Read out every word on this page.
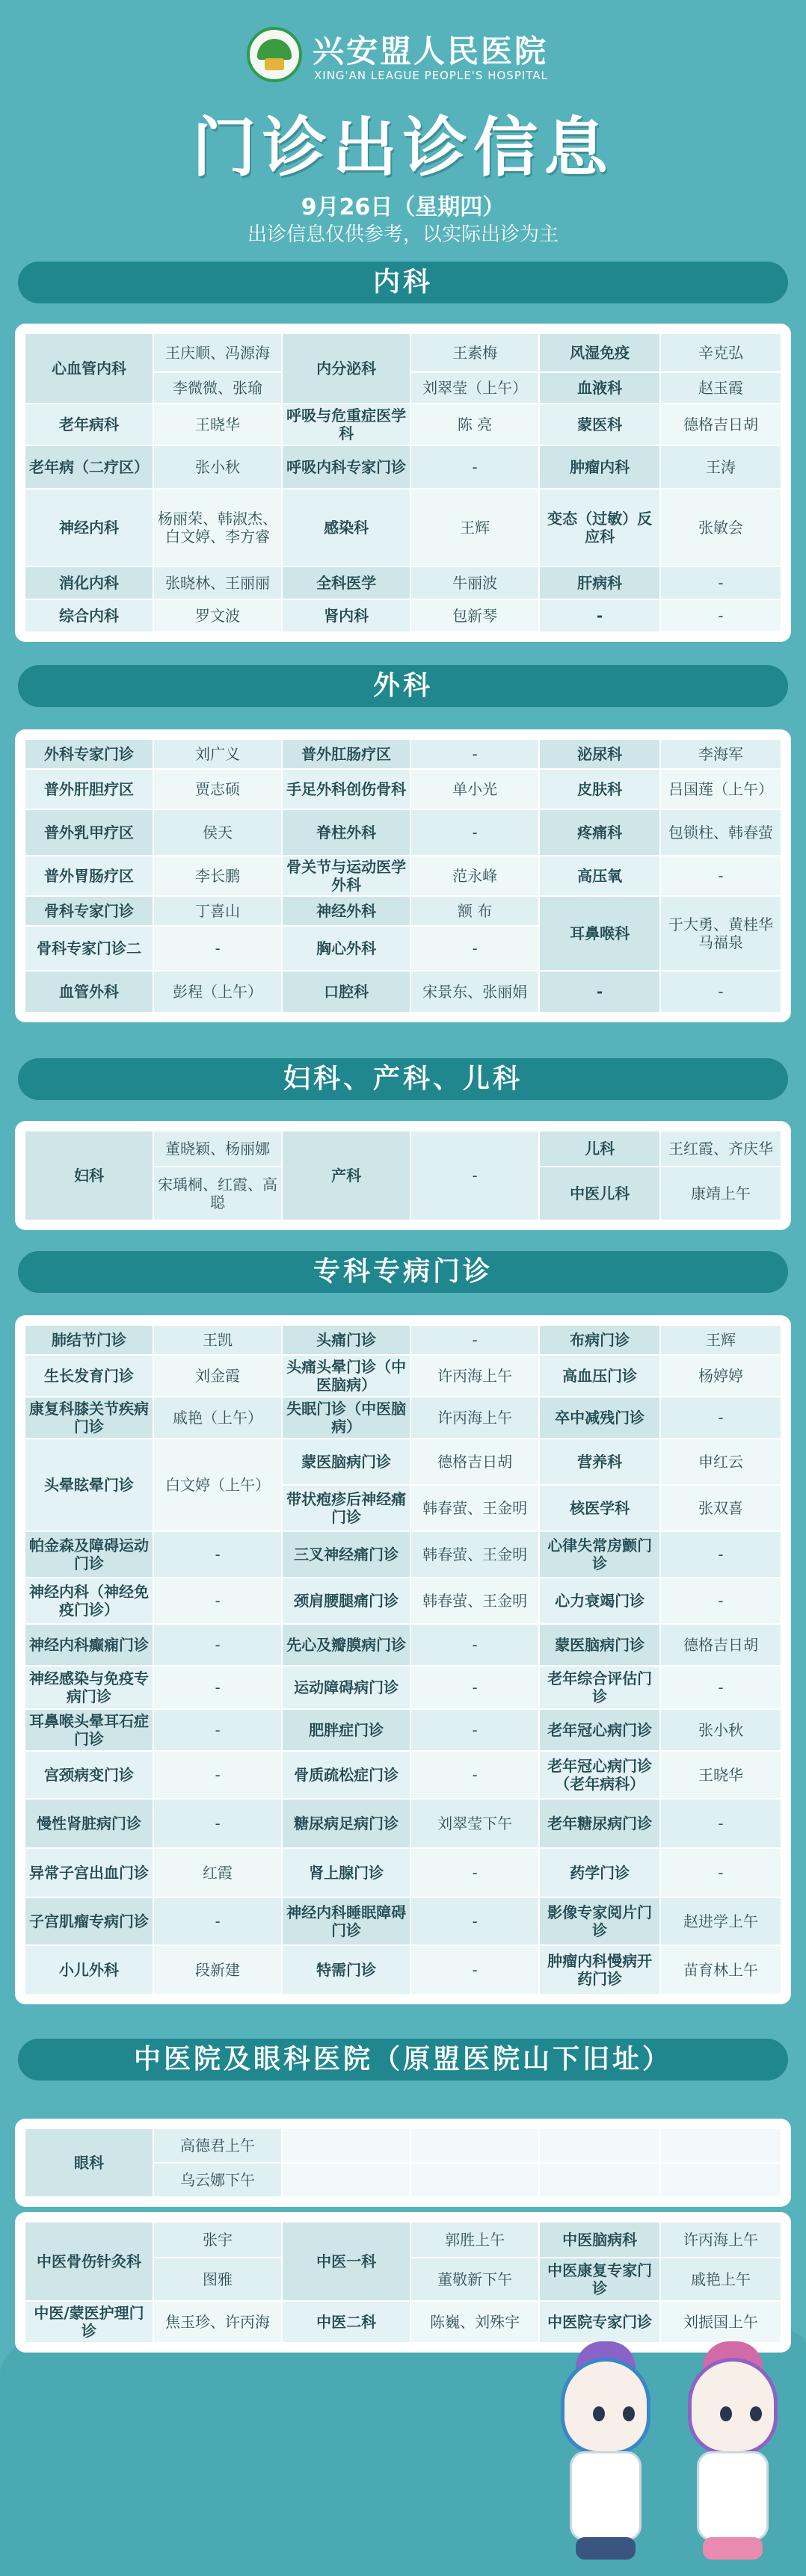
兴安盟人民医院
XING'AN LEAGUE PEOPLE'S HOSPITAL
门诊出诊信息
9月26日（星期四）
出诊信息仅供参考，以实际出诊为主
内科
心血管内科	王庆顺、冯源海	内分泌科	王素梅	风湿免疫	辛克弘
	李微微、张瑜		刘翠莹（上午）	血液科	赵玉霞
老年病科	王晓华	呼吸与危重症医学科	陈 亮	蒙医科	德格吉日胡
老年病（二疗区）	张小秋	呼吸内科专家门诊	-	肿瘤内科	王涛
神经内科	杨丽荣、韩淑杰、白文婷、李方睿	感染科	王辉	变态（过敏）反应科	张敏会
消化内科	张晓林、王丽丽	全科医学	牛丽波	肝病科	-
综合内科	罗文波	肾内科	包新琴	-	-
外科
外科专家门诊	刘广义	普外肛肠疗区	-	泌尿科	李海军
普外肝胆疗区	贾志硕	手足外科创伤骨科	单小光	皮肤科	吕国莲（上午）
普外乳甲疗区	侯天	脊柱外科	-	疼痛科	包锁柱、韩春萤
普外胃肠疗区	李长鹏	骨关节与运动医学外科	范永峰	高压氧	-
骨科专家门诊	丁喜山	神经外科	额 布	耳鼻喉科	于大勇、黄桂华马福泉
骨科专家门诊二	-	胸心外科	-		
血管外科	彭程（上午）	口腔科	宋景东、张丽娟	-	-
妇科、产科、儿科
妇科	董晓颖、杨丽娜	产科	-	儿科	王红霞、齐庆华
	宋瑀桐、红霞、高聪			中医儿科	康靖上午
专科专病门诊
肺结节门诊	王凯	头痛门诊	-	布病门诊	王辉
生长发育门诊	刘金霞	头痛头晕门诊（中医脑病）	许丙海上午	高血压门诊	杨婷婷
康复科膝关节疾病门诊	戚艳（上午）	失眠门诊（中医脑病）	许丙海上午	卒中减残门诊	-
头晕眩晕门诊	白文婷（上午）	蒙医脑病门诊	德格吉日胡	营养科	申红云
		带状疱疹后神经痛门诊	韩春萤、王金明	核医学科	张双喜
帕金森及障碍运动门诊	-	三叉神经痛门诊	韩春萤、王金明	心律失常房颤门诊	-
神经内科（神经免疫门诊）	-	颈肩腰腿痛门诊	韩春萤、王金明	心力衰竭门诊	-
神经内科癫痫门诊	-	先心及瓣膜病门诊	-	蒙医脑病门诊	德格吉日胡
神经感染与免疫专病门诊	-	运动障碍病门诊	-	老年综合评估门诊	-
耳鼻喉头晕耳石症门诊	-	肥胖症门诊	-	老年冠心病门诊	张小秋
宫颈病变门诊	-	骨质疏松症门诊	-	老年冠心病门诊（老年病科）	王晓华
慢性肾脏病门诊	-	糖尿病足病门诊	刘翠莹下午	老年糖尿病门诊	-
异常子宫出血门诊	红霞	肾上腺门诊	-	药学门诊	-
子宫肌瘤专病门诊	-	神经内科睡眠障碍门诊	-	影像专家阅片门诊	赵进学上午
小儿外科	段新建	特需门诊	-	肿瘤内科慢病开药门诊	苗育林上午
中医院及眼科医院（原盟医院山下旧址）
眼科	高德君上午				
	乌云娜下午				
中医骨伤针灸科	张宇	中医一科	郭胜上午	中医脑病科	许丙海上午
	图雅		董敬新下午	中医康复专家门诊	戚艳上午
中医/蒙医护理门诊	焦玉珍、许丙海	中医二科	陈巍、刘殊宇	中医院专家门诊	刘振国上午
